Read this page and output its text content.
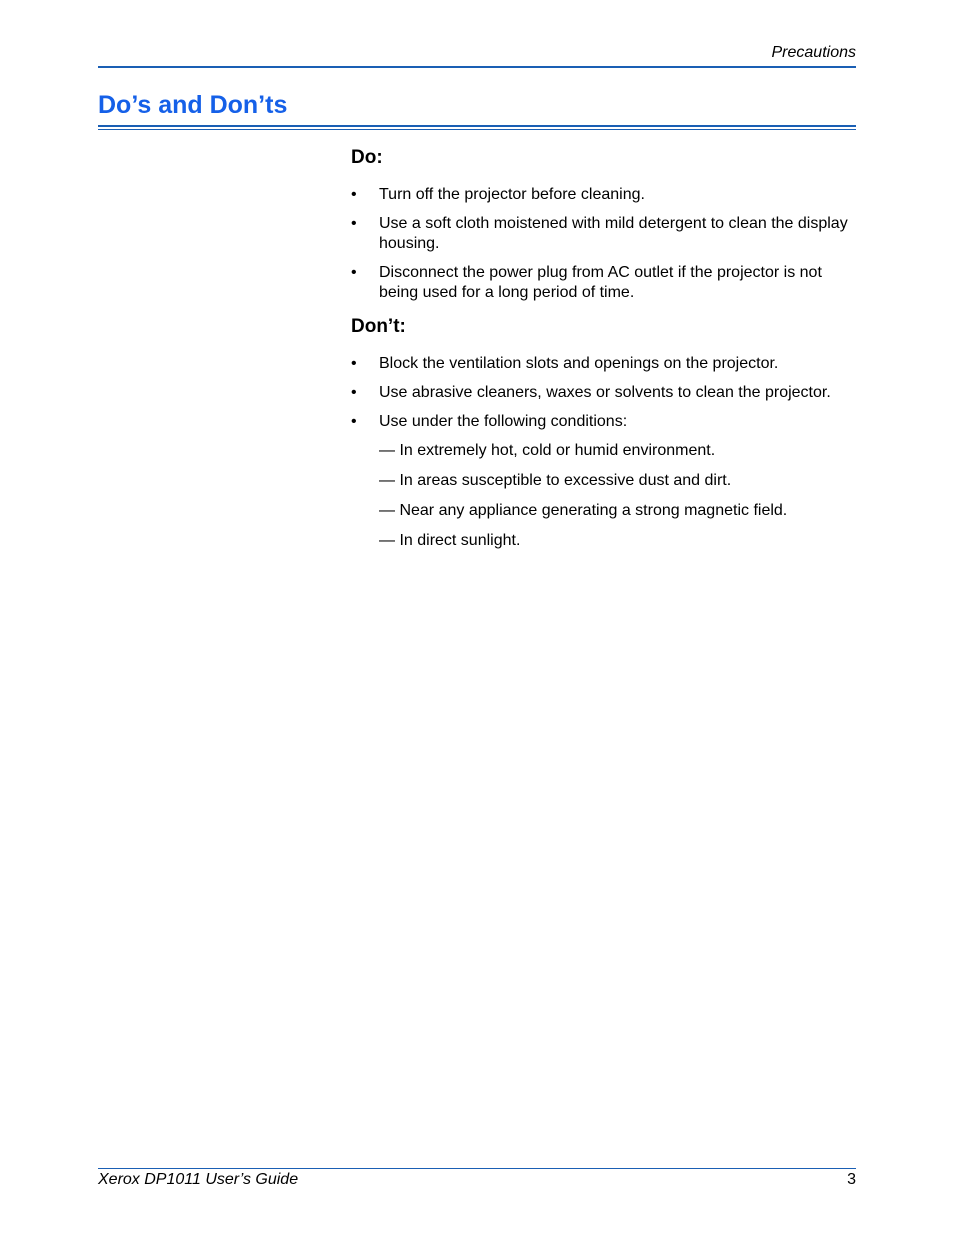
Precautions
Do’s and Don’ts
Do:
• Turn off the projector before cleaning.
• Use a soft cloth moistened with mild detergent to clean the display housing.
• Disconnect the power plug from AC outlet if the projector is not being used for a long period of time.
Don’t:
• Block the ventilation slots and openings on the projector.
• Use abrasive cleaners, waxes or solvents to clean the projector.
• Use under the following conditions:
— In extremely hot, cold or humid environment.
— In areas susceptible to excessive dust and dirt.
— Near any appliance generating a strong magnetic field.
— In direct sunlight.
Xerox DP1011 User’s Guide	3
